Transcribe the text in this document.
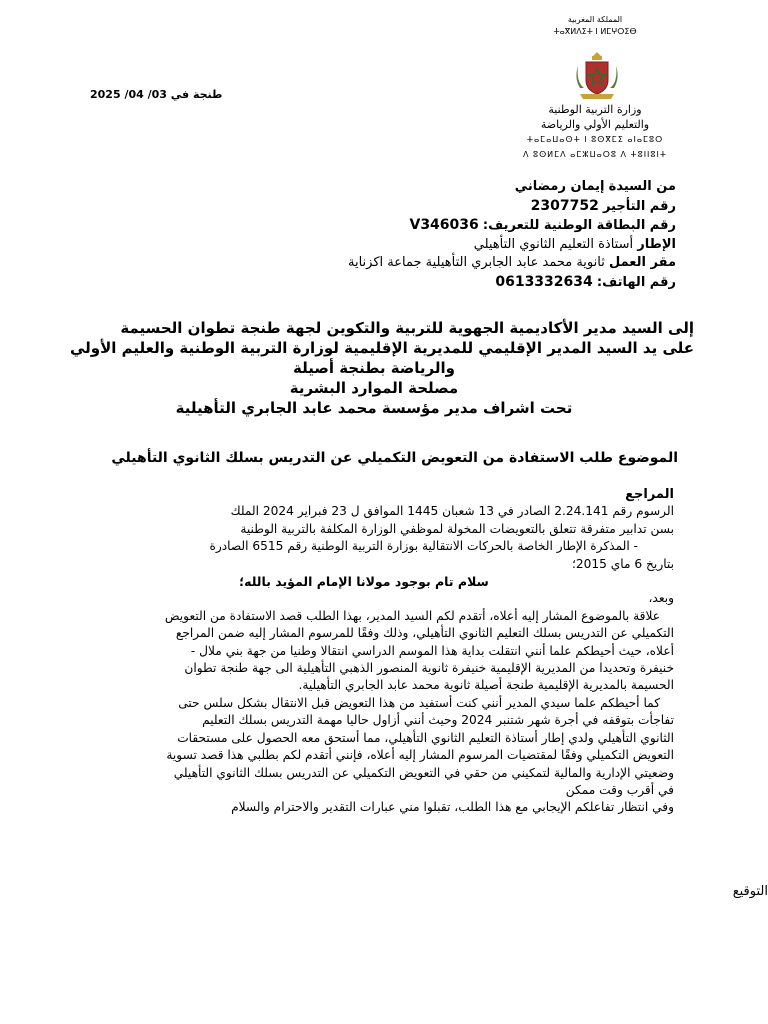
المملكة المغربية
ⵜⴰⴳⵍⴷⵉⵜ ⵏ ⵍⵎⵖⵔⵉⴱ
وزارة التربية الوطنية
والتعليم الأولي والرياضة
ⵜⴰⵎⴰⵡⴰⵙⵜ ⵏ ⵓⵙⴳⵎⵉ ⴰⵏⴰⵎⵓⵔ
ⴷ ⵓⵙⵍⵎⴷ ⴰⵎⵣⵡⴰⵔⵓ ⴷ ⵜⵓⵏⵏⵓⵏⵜ
طنجة في 03/ 04/ 2025
من السيدة إيمان رمضاني
رقم التأجير 2307752
رقم البطاقة الوطنية للتعريف: V346036
الإطار أستاذة التعليم الثانوي التأهيلي
مقر العمل ثانوية محمد عابد الجابري التأهيلية جماعة اكزناية
رقم الهاتف: 0613332634
إلى السيد مدير الأكاديمية الجهوية للتربية والتكوين لجهة طنجة تطوان الحسيمة
على يد السيد المدير الإقليمي للمديرية الإقليمية لوزارة التربية الوطنية والعليم الأولي
والرياضة بطنجة أصيلة
مصلحة الموارد البشرية
تحت اشراف مدير مؤسسة محمد عابد الجابري التأهيلية
الموضوع طلب الاستفادة من التعويض التكميلي عن التدريس بسلك الثانوي التأهيلي

المراجع

الرسوم رقم 2.24.141 الصادر في 13 شعبان 1445 الموافق ل 23 فبراير 2024 الملك

بسن تدابير متفرقة تتعلق بالتعويضات المخولة لموظفي الوزارة المكلفة بالتربية الوطنية

- المذكرة الإطار الخاصة بالحركات الانتقالية بوزارة التربية الوطنية رقم 6515 الصادرة

بتاريخ 6 ماي 2015؛

سلام تام بوجود مولانا الإمام المؤيد بالله؛

وبعد،

علاقة بالموضوع المشار إليه أعلاه، أتقدم لكم السيد المدير، بهذا الطلب قصد الاستفادة من التعويض

التكميلي عن التدريس بسلك التعليم الثانوي التأهيلي، وذلك وفقًا للمرسوم المشار إليه ضمن المراجع

أعلاه، حيث أحيطكم علما أنني انتقلت بداية هذا الموسم الدراسي انتقالا وطنيا من جهة بني ملال -

خنيفرة وتحديدا من المديرية الإقليمية خنيفرة ثانوية المنصور الذهبي التأهيلية الى جهة طنجة تطوان

الحسيمة بالمديرية الإقليمية طنجة أصيلة ثانوية محمد عابد الجابري التأهيلية.

كما أحيطكم علما سيدي المدير أنني كنت أستفيد من هذا التعويض قبل الانتقال بشكل سلس حتى

تفاجأت بتوقفه في أجرة شهر شتنبر 2024 وحيث أنني أزاول حاليا مهمة التدريس بسلك التعليم

الثانوي التأهيلي ولدي إطار أستاذة التعليم الثانوي التأهيلي، مما أستحق معه الحصول على مستحقات

التعويض التكميلي وفقًا لمقتضيات المرسوم المشار إليه أعلاه، فإنني أتقدم لكم بطلبي هذا قصد تسوية

وضعيتي الإدارية والمالية لتمكيني من حقي في التعويض التكميلي عن التدريس بسلك الثانوي التأهيلي

في أقرب وقت ممكن

وفي انتظار تفاعلكم الإيجابي مع هذا الطلب، تقبلوا مني عبارات التقدير والاحترام والسلام

التوقيع
